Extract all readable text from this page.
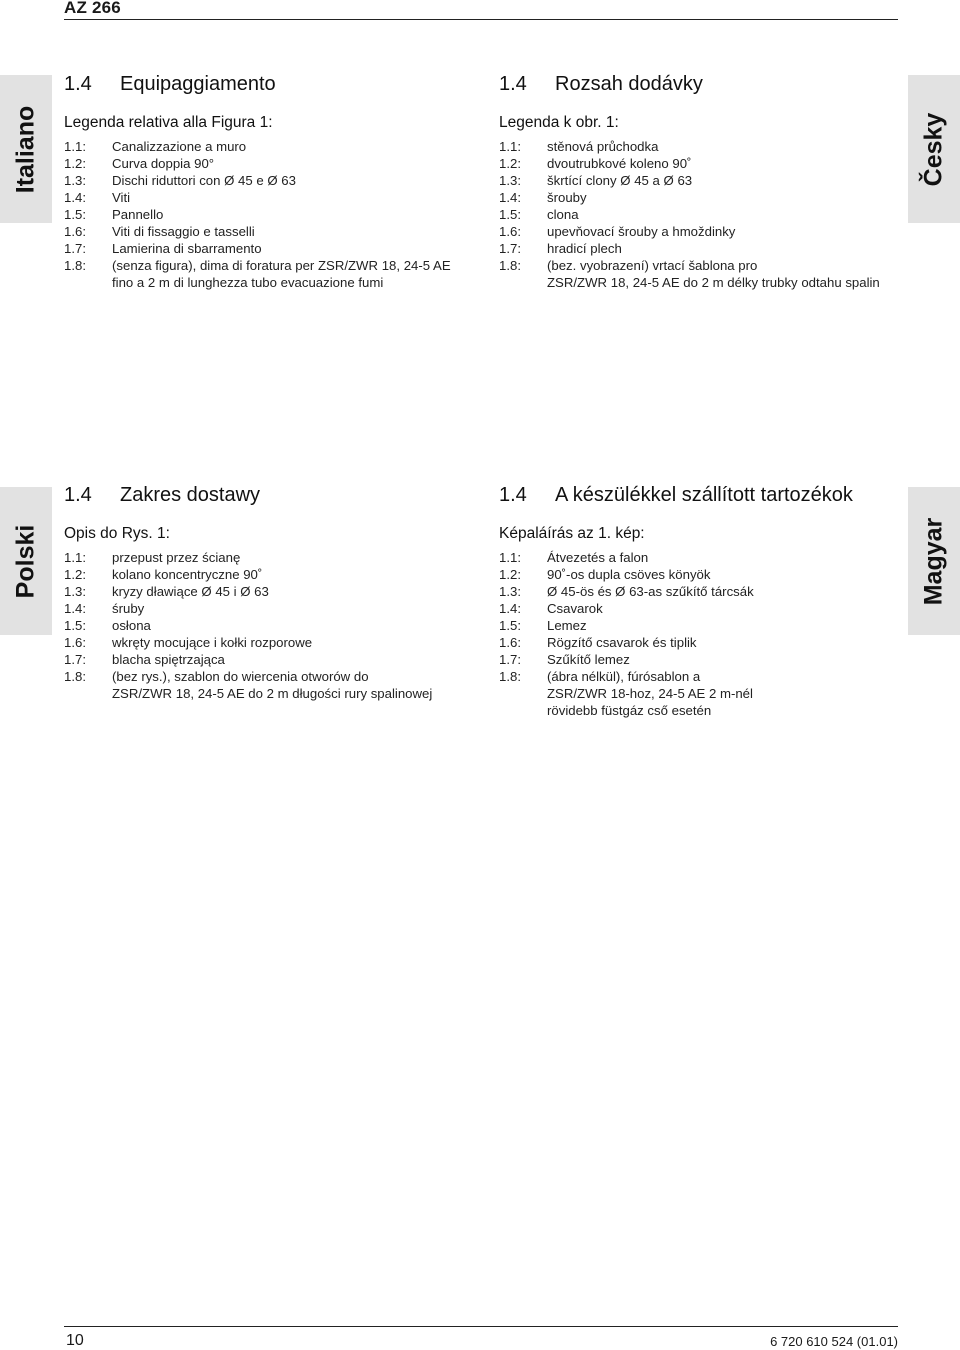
AZ 266
Italiano	Česky
Polski	Magyar
1.4	Equipaggiamento
Legenda relativa alla Figura 1:
1.1:	Canalizzazione a muro
1.2:	Curva doppia 90°
1.3:	Dischi riduttori con Ø 45 e Ø 63
1.4:	Viti
1.5:	Pannello
1.6:	Viti di fissaggio e tasselli
1.7:	Lamierina di sbarramento
1.8:	(senza figura), dima di foratura per ZSR/ZWR 18, 24-5 AE
fino a 2 m di lunghezza tubo evacuazione fumi
1.4	Rozsah dodávky
Legenda k obr. 1:
1.1:	stěnová průchodka
1.2:	dvoutrubkové koleno 90˚
1.3:	škrtící clony Ø 45 a Ø 63
1.4:	šrouby
1.5:	clona
1.6:	upevňovací šrouby a hmoždinky
1.7:	hradicí plech
1.8:	(bez. vyobrazení) vrtací šablona pro
ZSR/ZWR 18, 24-5 AE do 2 m délky trubky odtahu spalin
1.4	Zakres dostawy
Opis do Rys. 1:
1.1:	przepust przez ścianę
1.2:	kolano koncentryczne 90˚
1.3:	kryzy dławiące Ø 45 i Ø 63
1.4:	śruby
1.5:	osłona
1.6:	wkręty mocujące i kołki rozporowe
1.7:	blacha spiętrzająca
1.8:	(bez rys.), szablon do wiercenia otworów do
ZSR/ZWR 18, 24-5 AE do 2 m długości rury spalinowej
1.4	A készülékkel szállított tartozékok
Képaláírás az 1. kép:
1.1:	Átvezetés a falon
1.2:	90˚-os dupla csöves könyök
1.3:	Ø 45-ös és Ø 63-as szűkítő tárcsák
1.4:	Csavarok
1.5:	Lemez
1.6:	Rögzítő csavarok és tiplik
1.7:	Szűkítő lemez
1.8:	(ábra nélkül), fúrósablon a
ZSR/ZWR 18-hoz, 24-5 AE 2 m-nél
rövidebb füstgáz cső esetén
10	6 720 610 524 (01.01)
